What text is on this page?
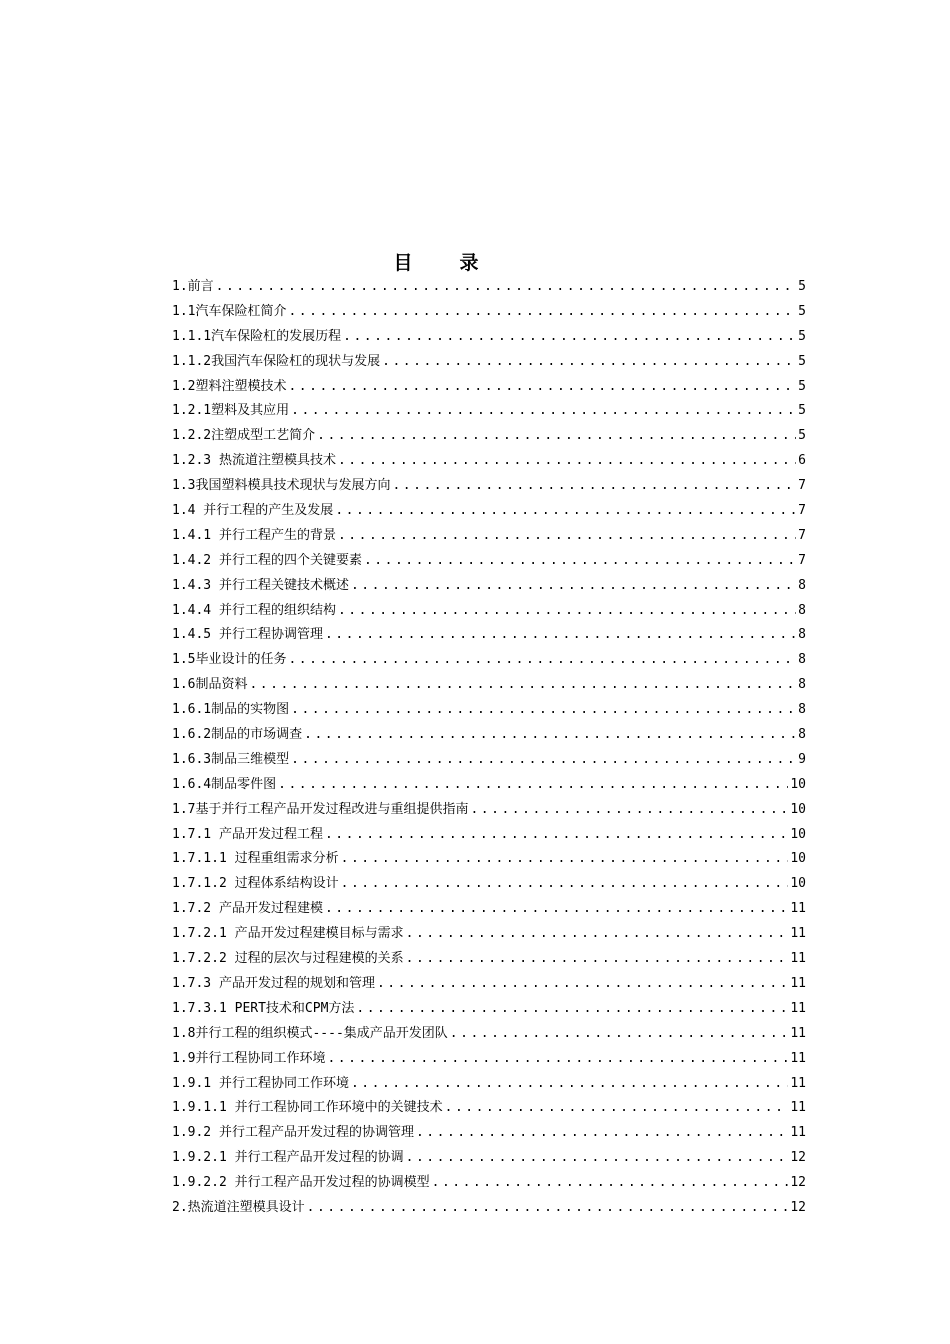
目　录
1.前言 .....	5
1.1汽车保险杠简介 .....	5
1.1.1汽车保险杠的发展历程 .....	5
1.1.2我国汽车保险杠的现状与发展 .....	5
1.2塑料注塑模技术 .....	5
1.2.1塑料及其应用 .....	5
1.2.2注塑成型工艺简介 .....	5
1.2.3 热流道注塑模具技术 .....	6
1.3我国塑料模具技术现状与发展方向 .....	7
1.4 并行工程的产生及发展 .....	7
1.4.1 并行工程产生的背景 .....	7
1.4.2 并行工程的四个关键要素 .....	7
1.4.3 并行工程关键技术概述 .....	8
1.4.4 并行工程的组织结构 .....	8
1.4.5 并行工程协调管理 .....	8
1.5毕业设计的任务 .....	8
1.6制品资料 .....	8
1.6.1制品的实物图 .....	8
1.6.2制品的市场调查 .....	8
1.6.3制品三维模型 .....	9
1.6.4制品零件图 .....	10
1.7基于并行工程产品开发过程改进与重组提供指南 .....	10
1.7.1 产品开发过程工程 .....	10
1.7.1.1 过程重组需求分析 .....	10
1.7.1.2 过程体系结构设计 .....	10
1.7.2 产品开发过程建模 .....	11
1.7.2.1 产品开发过程建模目标与需求 .....	11
1.7.2.2 过程的层次与过程建模的关系 .....	11
1.7.3 产品开发过程的规划和管理 .....	11
1.7.3.1 PERT技术和CPM方法 .....	11
1.8并行工程的组织模式----集成产品开发团队 .....	11
1.9并行工程协同工作环境 .....	11
1.9.1 并行工程协同工作环境 .....	11
1.9.1.1 并行工程协同工作环境中的关键技术 .....	11
1.9.2 并行工程产品开发过程的协调管理 .....	11
1.9.2.1 并行工程产品开发过程的协调 .....	12
1.9.2.2 并行工程产品开发过程的协调模型 .....	12
2.热流道注塑模具设计 .....	12
